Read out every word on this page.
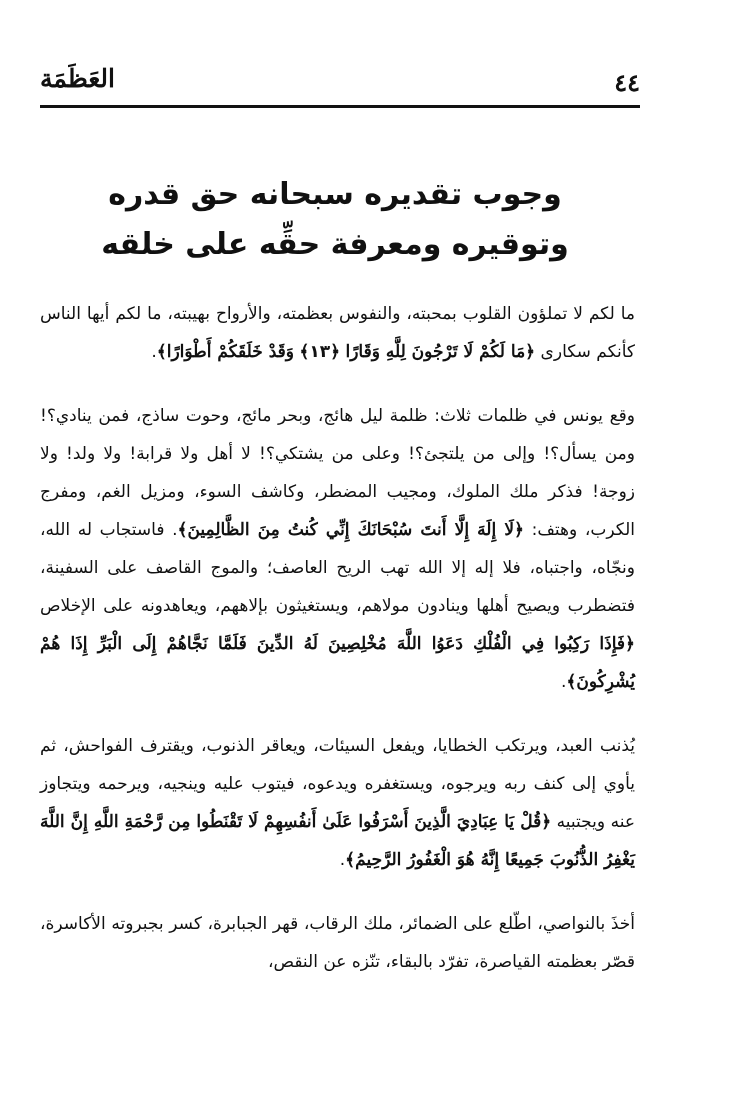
٤٤
العَظَمَة
وجوب تقديره سبحانه حق قدره
وتوقيره ومعرفة حقِّه على خلقه

ما لكم لا تملؤون القلوب بمحبته، والنفوس بعظمته، والأرواح بهيبته، ما لكم أيها الناس كأنكم سكارى ﴿مَا لَكُمْ لَا تَرْجُونَ لِلَّهِ وَقَارًا ﴿١٣﴾ وَقَدْ خَلَقَكُمْ أَطْوَارًا﴾.

وقع يونس في ظلمات ثلاث: ظلمة ليل هائج، وبحر مائج، وحوت ساذج، فمن ينادي؟! ومن يسأل؟! وإلى من يلتجئ؟! وعلى من يشتكي؟! لا أهل ولا قرابة! ولا ولد! ولا زوجة! فذكر ملك الملوك، ومجيب المضطر، وكاشف السوء، ومزيل الغم، ومفرج الكرب، وهتف: ﴿لَا إِلَهَ إِلَّا أَنتَ سُبْحَانَكَ إِنِّي كُنتُ مِنَ الظَّالِمِينَ﴾. فاستجاب له الله، ونجّاه، واجتباه، فلا إله إلا الله تهب الريح العاصف؛ والموج القاصف على السفينة، فتضطرب ويصيح أهلها وينادون مولاهم، ويستغيثون بإلاههم، ويعاهدونه على الإخلاص ﴿فَإِذَا رَكِبُوا فِي الْفُلْكِ دَعَوُا اللَّهَ مُخْلِصِينَ لَهُ الدِّينَ فَلَمَّا نَجَّاهُمْ إِلَى الْبَرِّ إِذَا هُمْ يُشْرِكُونَ﴾.

يُذنب العبد، ويرتكب الخطايا، ويفعل السيئات، ويعاقر الذنوب، ويقترف الفواحش، ثم يأوي إلى كنف ربه ويرجوه، ويستغفره ويدعوه، فيتوب عليه وينجيه، ويرحمه ويتجاوز عنه ويجتبيه ﴿قُلْ يَا عِبَادِيَ الَّذِينَ أَسْرَفُوا عَلَىٰ أَنفُسِهِمْ لَا تَقْنَطُوا مِن رَّحْمَةِ اللَّهِ إِنَّ اللَّهَ يَغْفِرُ الذُّنُوبَ جَمِيعًا إِنَّهُ هُوَ الْغَفُورُ الرَّحِيمُ﴾.

أخذَ بالنواصي، اطّلع على الضمائر، ملك الرقاب، قهر الجبابرة، كسر بجبروته الأكاسرة، قصّر بعظمته القياصرة، تفرّد بالبقاء، تنّزه عن النقص،
